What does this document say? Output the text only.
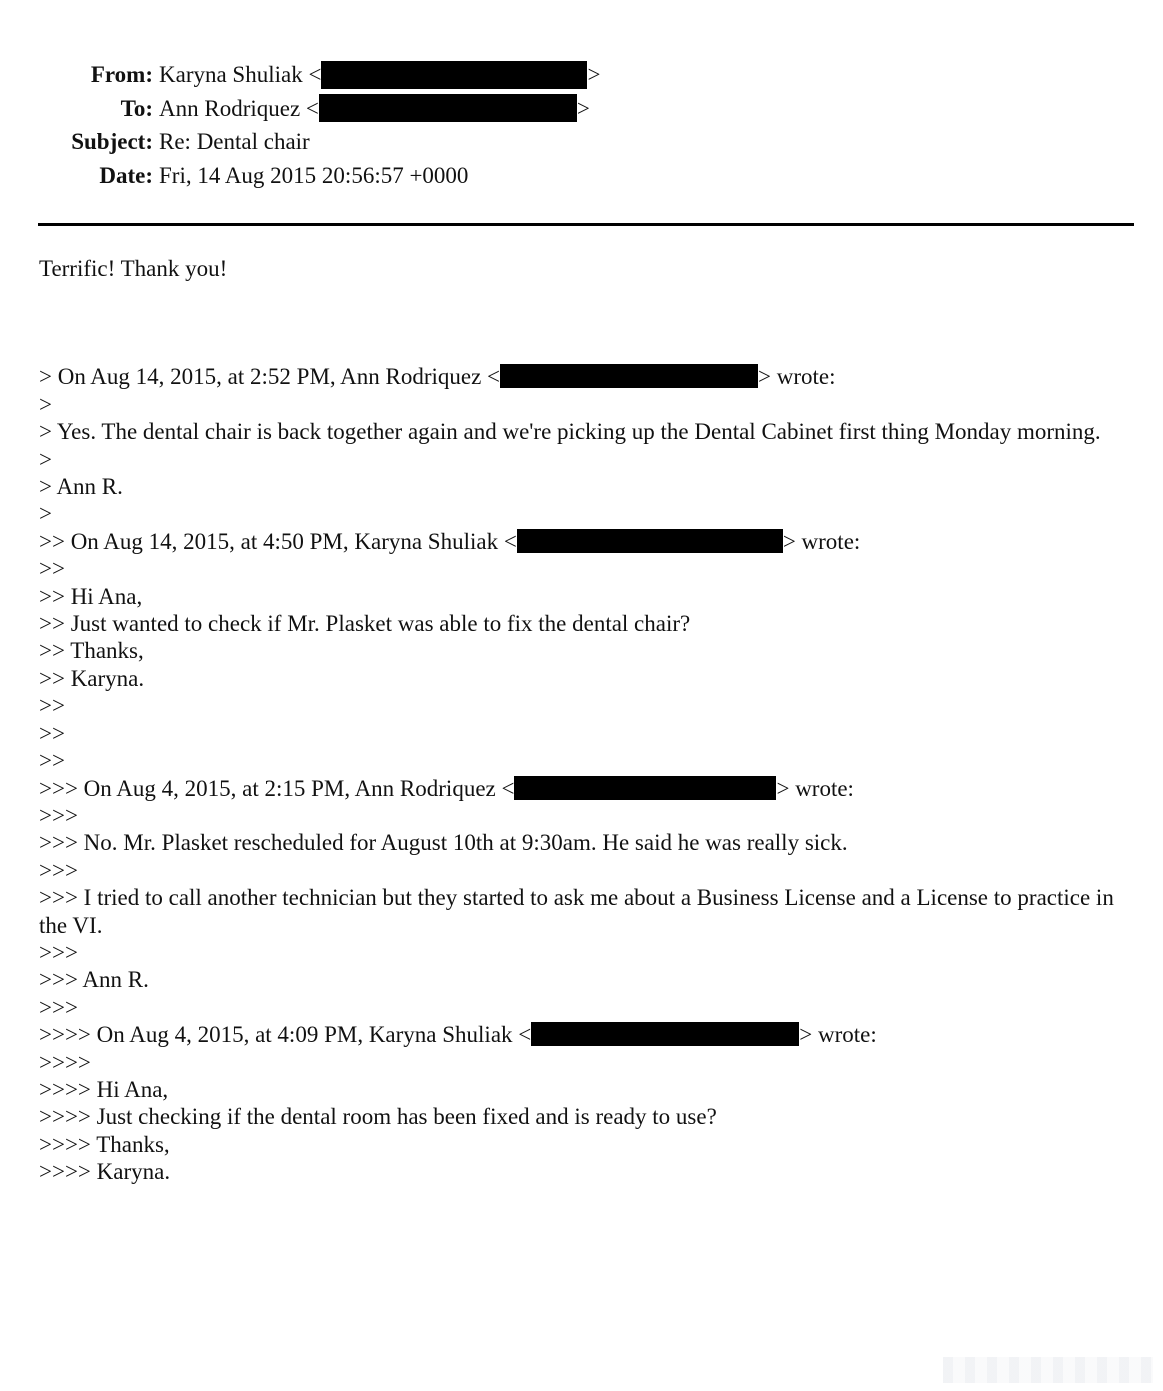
From: Karyna Shuliak <	>
To: Ann Rodriquez <	>
Subject: Re: Dental chair
Date: Fri, 14 Aug 2015 20:56:57 +0000
Terrific! Thank you!
> On Aug 14, 2015, at 2:52 PM, Ann Rodriquez <	> wrote:
>
> Yes. The dental chair is back together again and we're picking up the Dental Cabinet first thing Monday morning.
>
> Ann R.
>
>> On Aug 14, 2015, at 4:50 PM, Karyna Shuliak <	> wrote:
>>
>> Hi Ana,
>> Just wanted to check if Mr. Plasket was able to fix the dental chair?
>> Thanks,
>> Karyna.
>>
>>
>>
>>> On Aug 4, 2015, at 2:15 PM, Ann Rodriquez <	> wrote:
>>>
>>> No. Mr. Plasket rescheduled for August 10th at 9:30am. He said he was really sick.
>>>
>>> I tried to call another technician but they started to ask me about a Business License and a License to practice in the VI.
>>>
>>> Ann R.
>>>
>>>> On Aug 4, 2015, at 4:09 PM, Karyna Shuliak <	> wrote:
>>>>
>>>> Hi Ana,
>>>> Just checking if the dental room has been fixed and is ready to use?
>>>> Thanks,
>>>> Karyna.
